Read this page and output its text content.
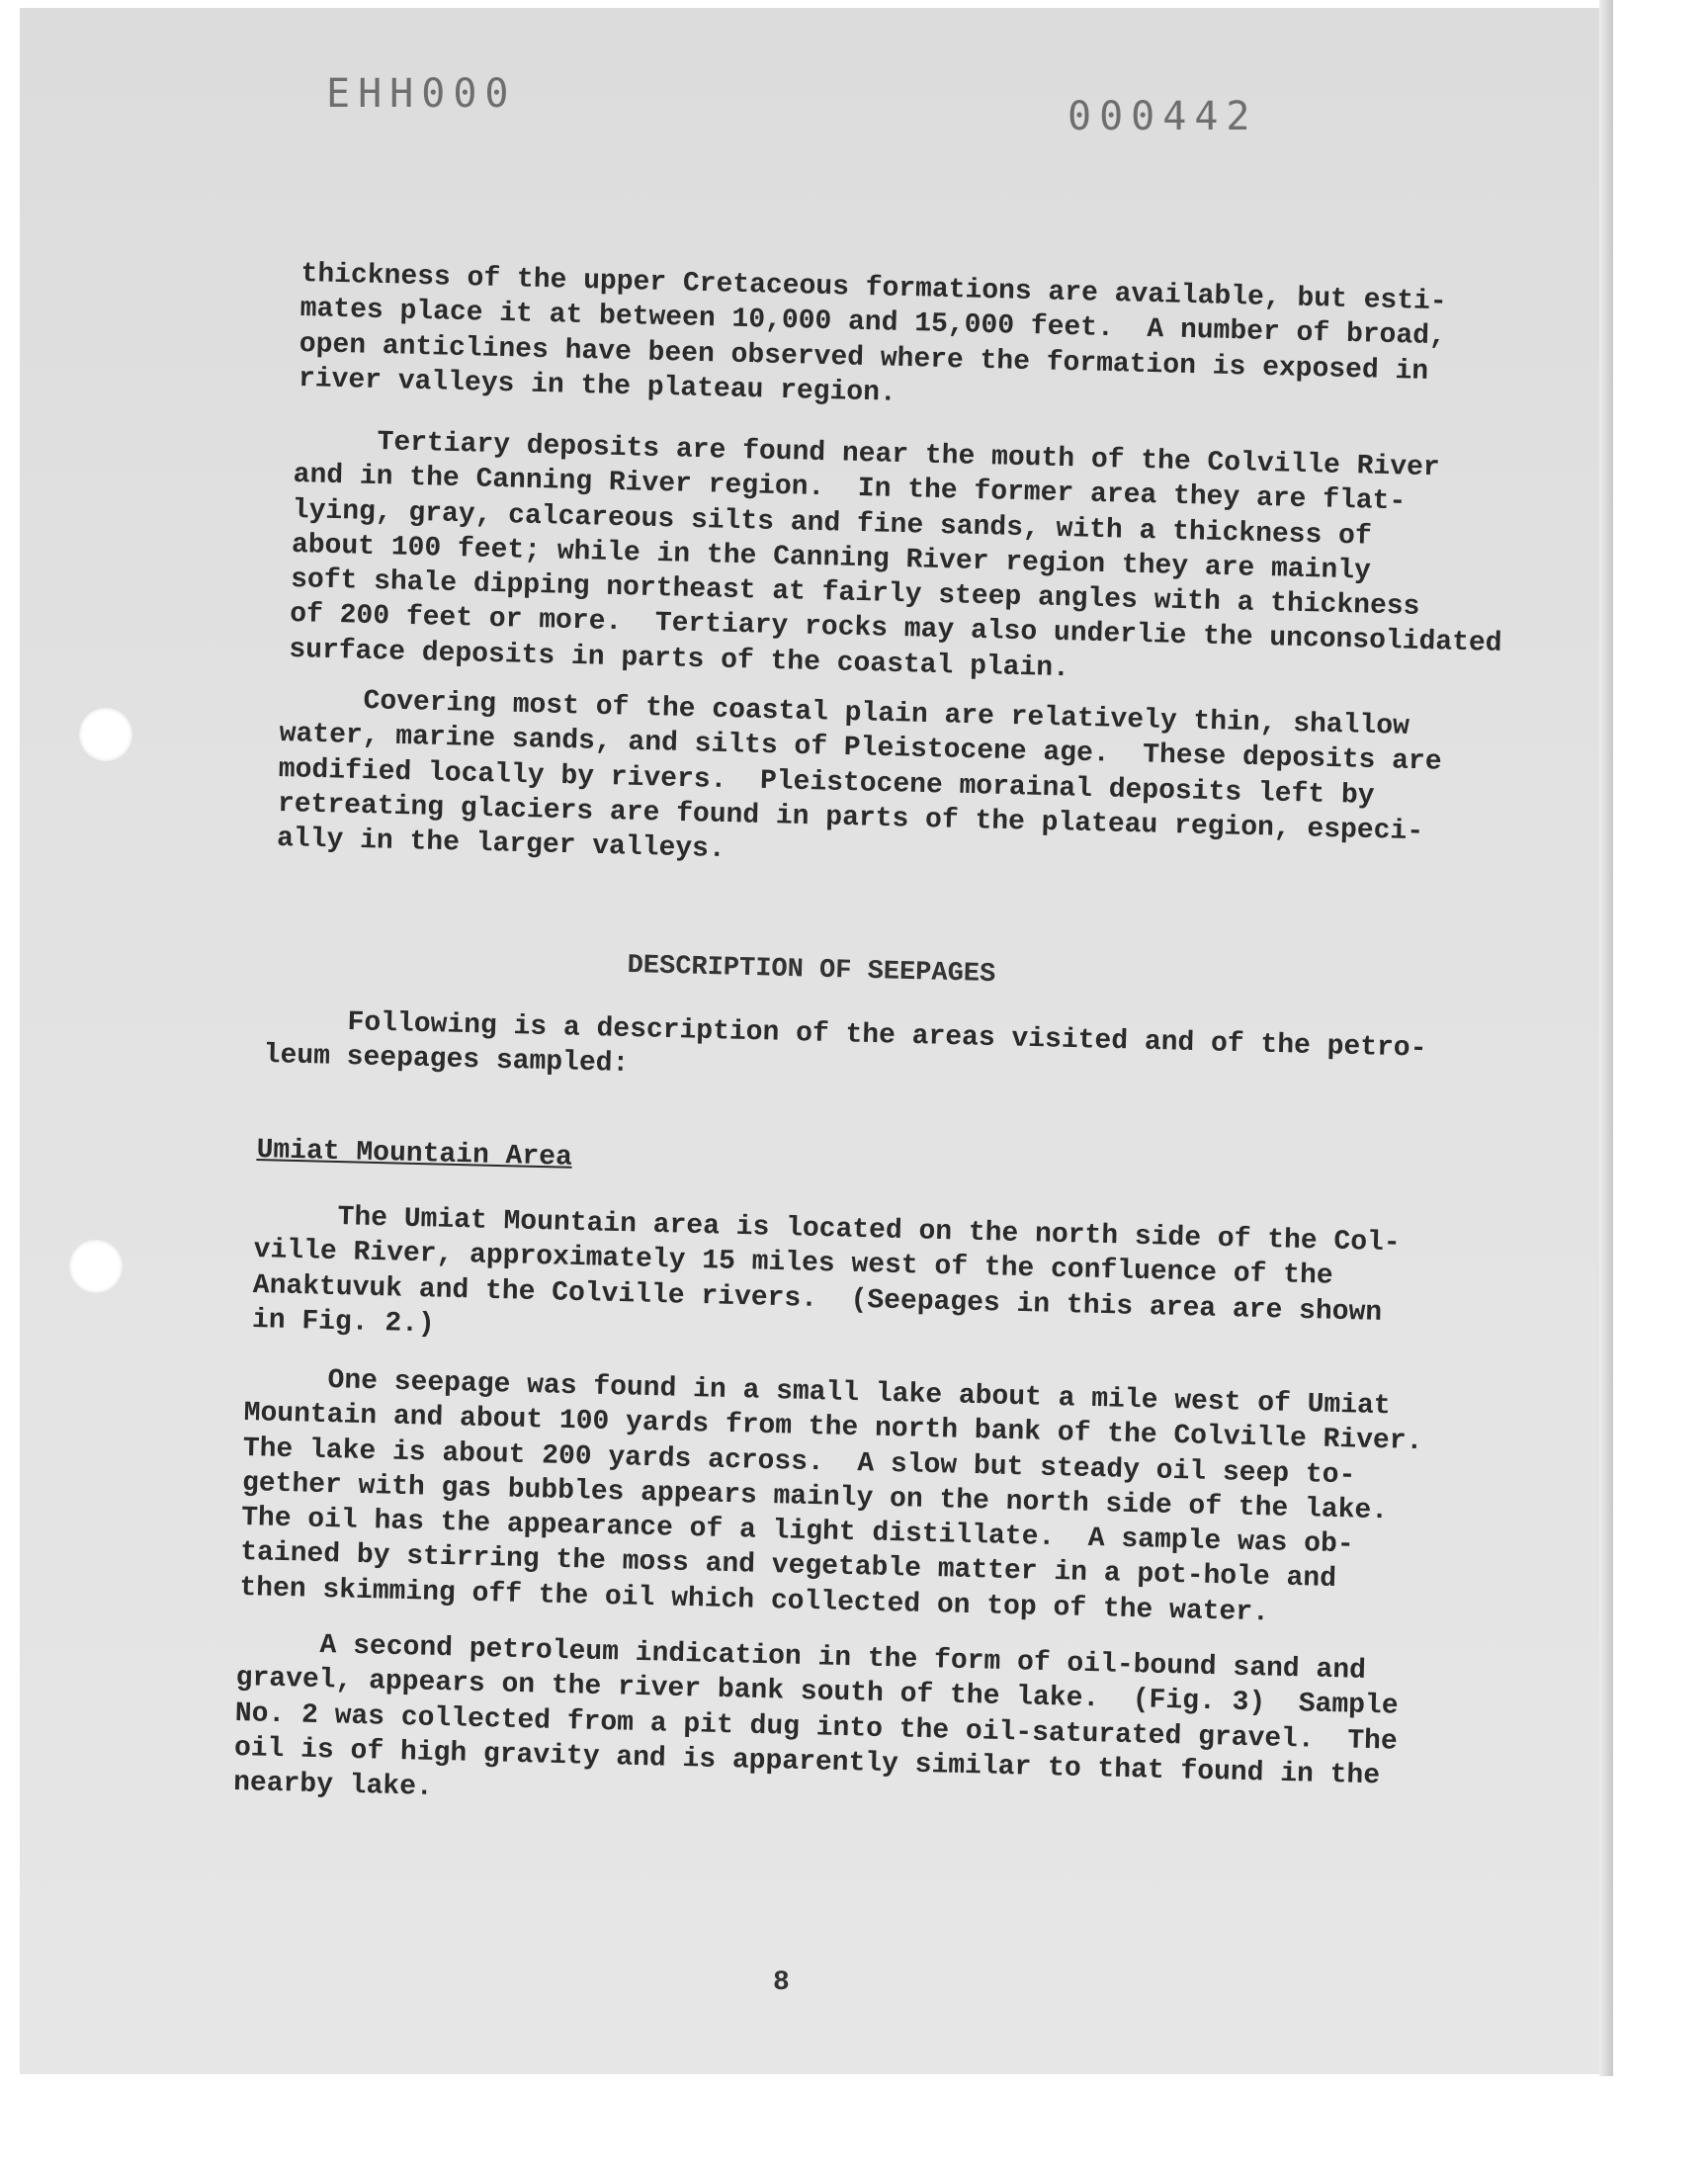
EHH000	000442

thickness of the upper Cretaceous formations are available, but esti-
mates place it at between 10,000 and 15,000 feet.  A number of broad,
open anticlines have been observed where the formation is exposed in
river valleys in the plateau region.

Tertiary deposits are found near the mouth of the Colville River
and in the Canning River region.  In the former area they are flat-
lying, gray, calcareous silts and fine sands, with a thickness of
about 100 feet; while in the Canning River region they are mainly
soft shale dipping northeast at fairly steep angles with a thickness
of 200 feet or more.  Tertiary rocks may also underlie the unconsolidated
surface deposits in parts of the coastal plain.

Covering most of the coastal plain are relatively thin, shallow
water, marine sands, and silts of Pleistocene age.  These deposits are
modified locally by rivers.  Pleistocene morainal deposits left by
retreating glaciers are found in parts of the plateau region, especi-
ally in the larger valleys.

DESCRIPTION OF SEEPAGES

Following is a description of the areas visited and of the petro-
leum seepages sampled:

Umiat Mountain Area

The Umiat Mountain area is located on the north side of the Col-
ville River, approximately 15 miles west of the confluence of the
Anaktuvuk and the Colville rivers.  (Seepages in this area are shown
in Fig. 2.)

One seepage was found in a small lake about a mile west of Umiat
Mountain and about 100 yards from the north bank of the Colville River.
The lake is about 200 yards across.  A slow but steady oil seep to-
gether with gas bubbles appears mainly on the north side of the lake.
The oil has the appearance of a light distillate.  A sample was ob-
tained by stirring the moss and vegetable matter in a pot-hole and
then skimming off the oil which collected on top of the water.

A second petroleum indication in the form of oil-bound sand and
gravel, appears on the river bank south of the lake.  (Fig. 3)  Sample
No. 2 was collected from a pit dug into the oil-saturated gravel.  The
oil is of high gravity and is apparently similar to that found in the
nearby lake.

8
